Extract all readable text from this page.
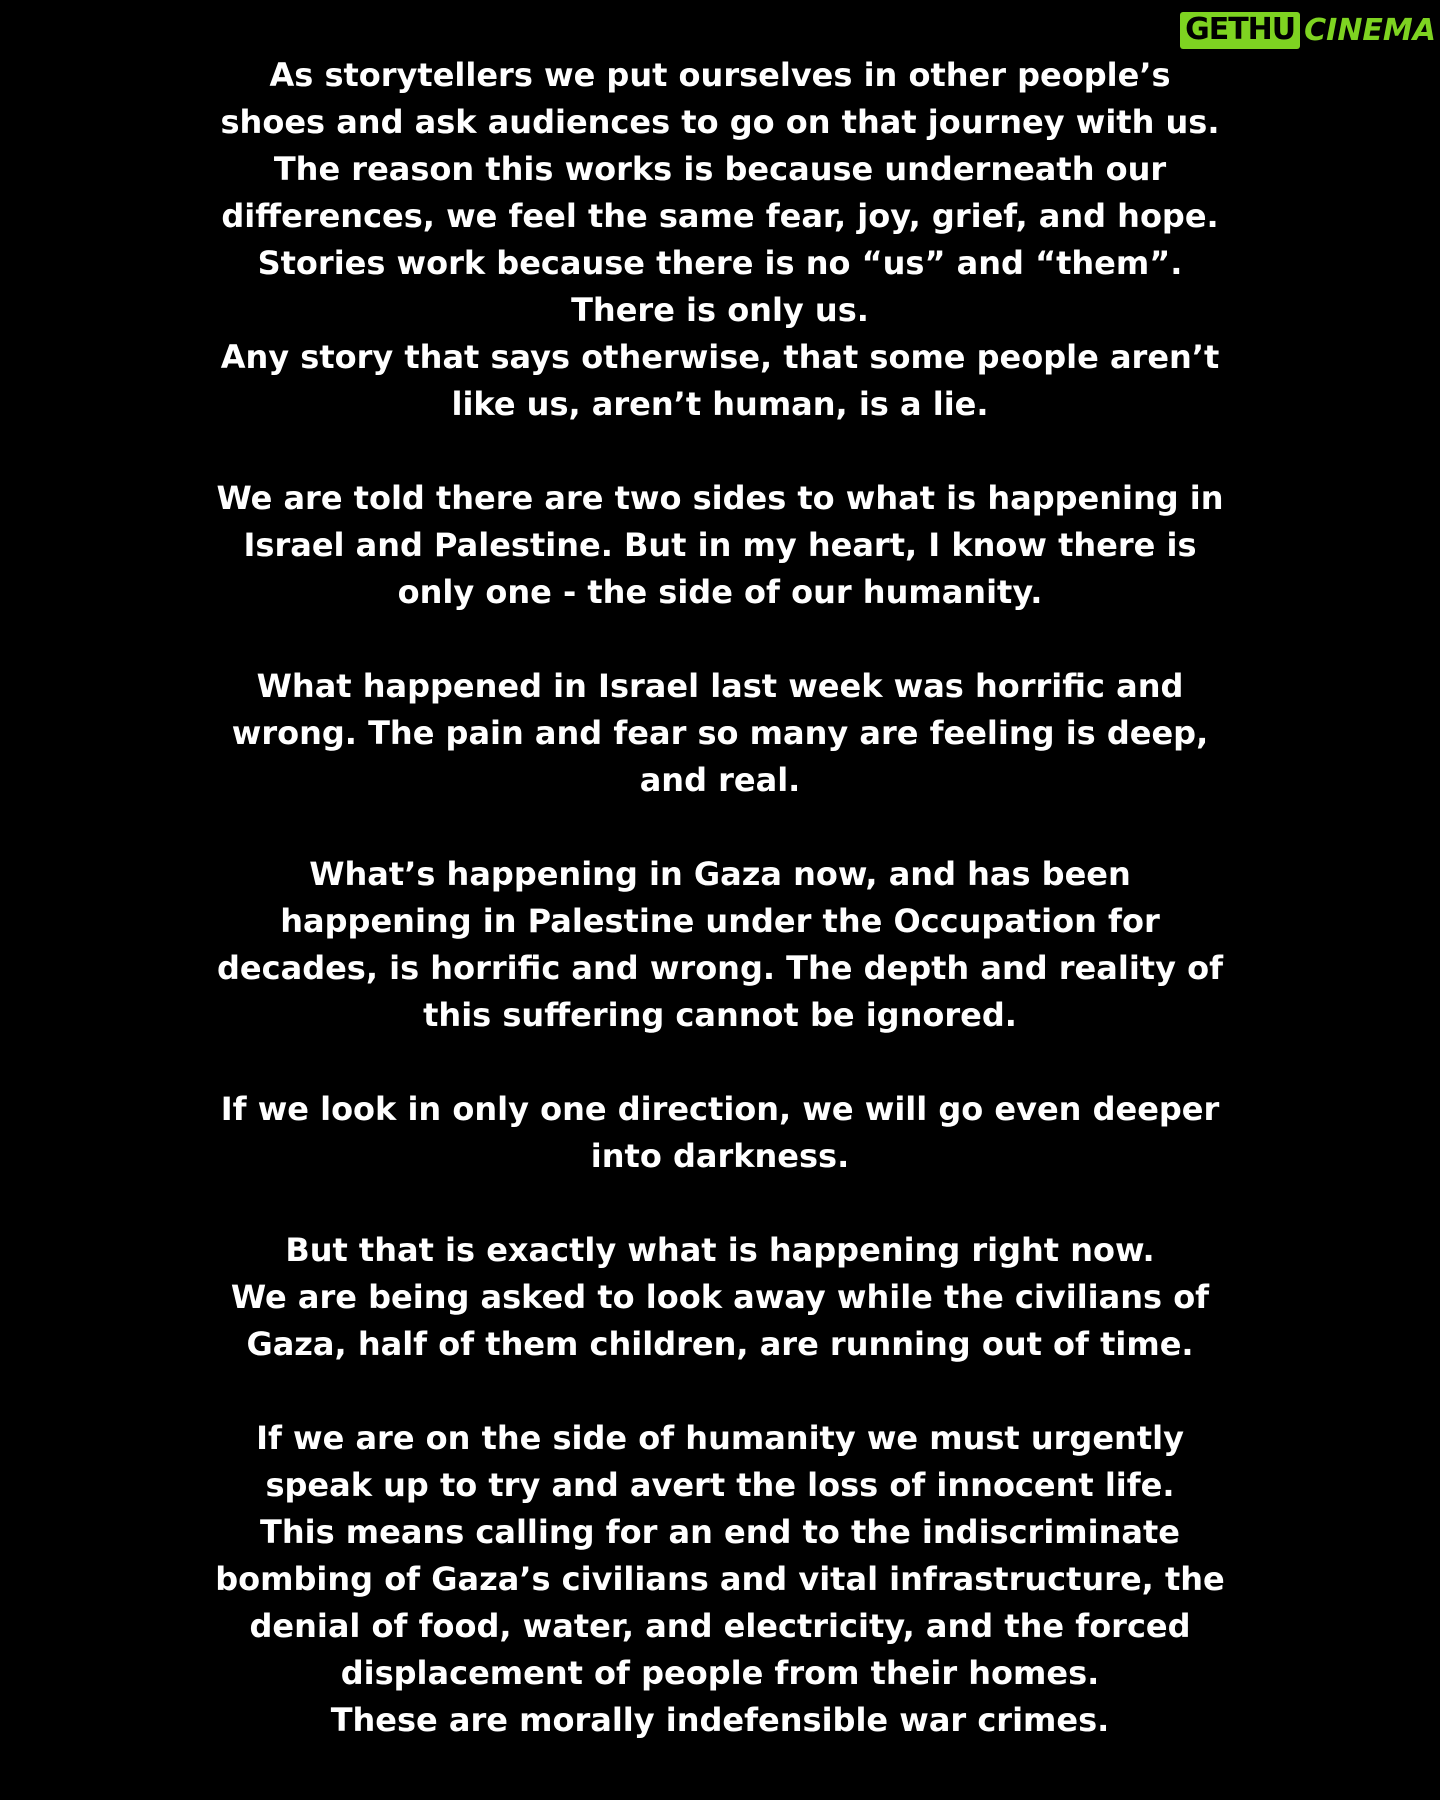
GETHU CINEMA
As storytellers we put ourselves in other people’s
shoes and ask audiences to go on that journey with us.
The reason this works is because underneath our
differences, we feel the same fear, joy, grief, and hope.
Stories work because there is no “us” and “them”.
There is only us.
Any story that says otherwise, that some people aren’t
like us, aren’t human, is a lie.
We are told there are two sides to what is happening in
Israel and Palestine. But in my heart, I know there is
only one - the side of our humanity.
What happened in Israel last week was horrific and
wrong. The pain and fear so many are feeling is deep,
and real.
What’s happening in Gaza now, and has been
happening in Palestine under the Occupation for
decades, is horrific and wrong. The depth and reality of
this suffering cannot be ignored.
If we look in only one direction, we will go even deeper
into darkness.
But that is exactly what is happening right now.
We are being asked to look away while the civilians of
Gaza, half of them children, are running out of time.
If we are on the side of humanity we must urgently
speak up to try and avert the loss of innocent life.
This means calling for an end to the indiscriminate
bombing of Gaza’s civilians and vital infrastructure, the
denial of food, water, and electricity, and the forced
displacement of people from their homes.
These are morally indefensible war crimes.
